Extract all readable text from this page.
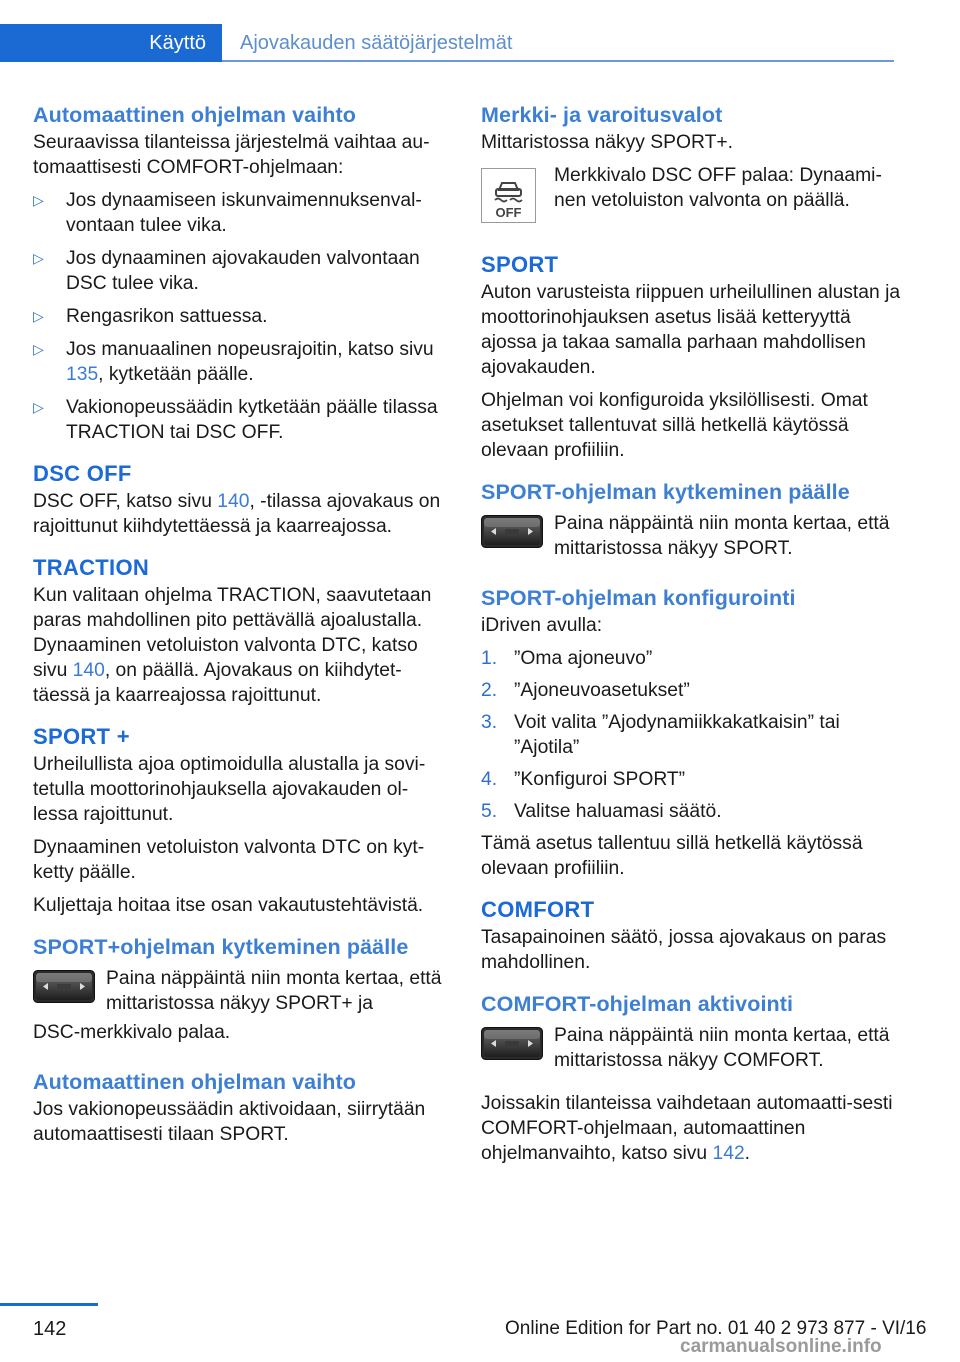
Käyttö Ajovakauden säätöjärjestelmät
Automaattinen ohjelman vaihto

Seuraavissa tilanteissa järjestelmä vaihtaa au-tomaattisesti COMFORT-ohjelmaan:

▷ Jos dynaamiseen iskunvaimennuksenval-vontaan tulee vika.
▷ Jos dynaaminen ajovakauden valvontaan DSC tulee vika.
▷ Rengasrikon sattuessa.
▷ Jos manuaalinen nopeusrajoitin, katso sivu 135, kytketään päälle.
▷ Vakionopeussäädin kytketään päälle tilassa TRACTION tai DSC OFF.
DSC OFF

DSC OFF, katso sivu 140, -tilassa ajovakaus on rajoittunut kiihdytettäessä ja kaarreajossa.

TRACTION

Kun valitaan ohjelma TRACTION, saavutetaan paras mahdollinen pito pettävällä ajoalustalla. Dynaaminen vetoluiston valvonta DTC, katso sivu 140, on päällä. Ajovakaus on kiihdytet-täessä ja kaarreajossa rajoittunut.

SPORT +

Urheilullista ajoa optimoidulla alustalla ja sovi-tetulla moottorinohjauksella ajovakauden ol-lessa rajoittunut.

Dynaaminen vetoluiston valvonta DTC on kyt-ketty päälle.

Kuljettaja hoitaa itse osan vakautustehtävistä.

SPORT+ohjelman kytkeminen päälle
Paina näppäintä niin monta kertaa, että mittaristossa näkyy SPORT+ ja

DSC-merkkivalo palaa.

Automaattinen ohjelman vaihto

Jos vakionopeussäädin aktivoidaan, siirrytään automaattisesti tilaan SPORT.

Merkki- ja varoitusvalot

Mittaristossa näkyy SPORT+.

OFF
Merkkivalo DSC OFF palaa: Dynaami-nen vetoluiston valvonta on päällä.
SPORT

Auton varusteista riippuen urheilullinen alustan ja moottorinohjauksen asetus lisää ketteryyttä ajossa ja takaa samalla parhaan mahdollisen ajovakauden.

Ohjelman voi konfiguroida yksilöllisesti. Omat asetukset tallentuvat sillä hetkellä käytössä olevaan profiiliin.

SPORT-ohjelman kytkeminen päälle
Paina näppäintä niin monta kertaa, että mittaristossa näkyy SPORT.
SPORT-ohjelman konfigurointi

iDriven avulla:

1. ”Oma ajoneuvo”
2. ”Ajoneuvoasetukset”
3. Voit valita ”Ajodynamiikkakatkaisin” tai ”Ajotila”
4. ”Konfiguroi SPORT”
5. Valitse haluamasi säätö.

Tämä asetus tallentuu sillä hetkellä käytössä olevaan profiiliin.

COMFORT

Tasapainoinen säätö, jossa ajovakaus on paras mahdollinen.

COMFORT-ohjelman aktivointi
Paina näppäintä niin monta kertaa, että mittaristossa näkyy COMFORT.

Joissakin tilanteissa vaihdetaan automaatti-sesti COMFORT-ohjelmaan, automaattinen ohjelmanvaihto, katso sivu 142.

142	Online Edition for Part no. 01 40 2 973 877 - VI/16
carmanualsonline.info
